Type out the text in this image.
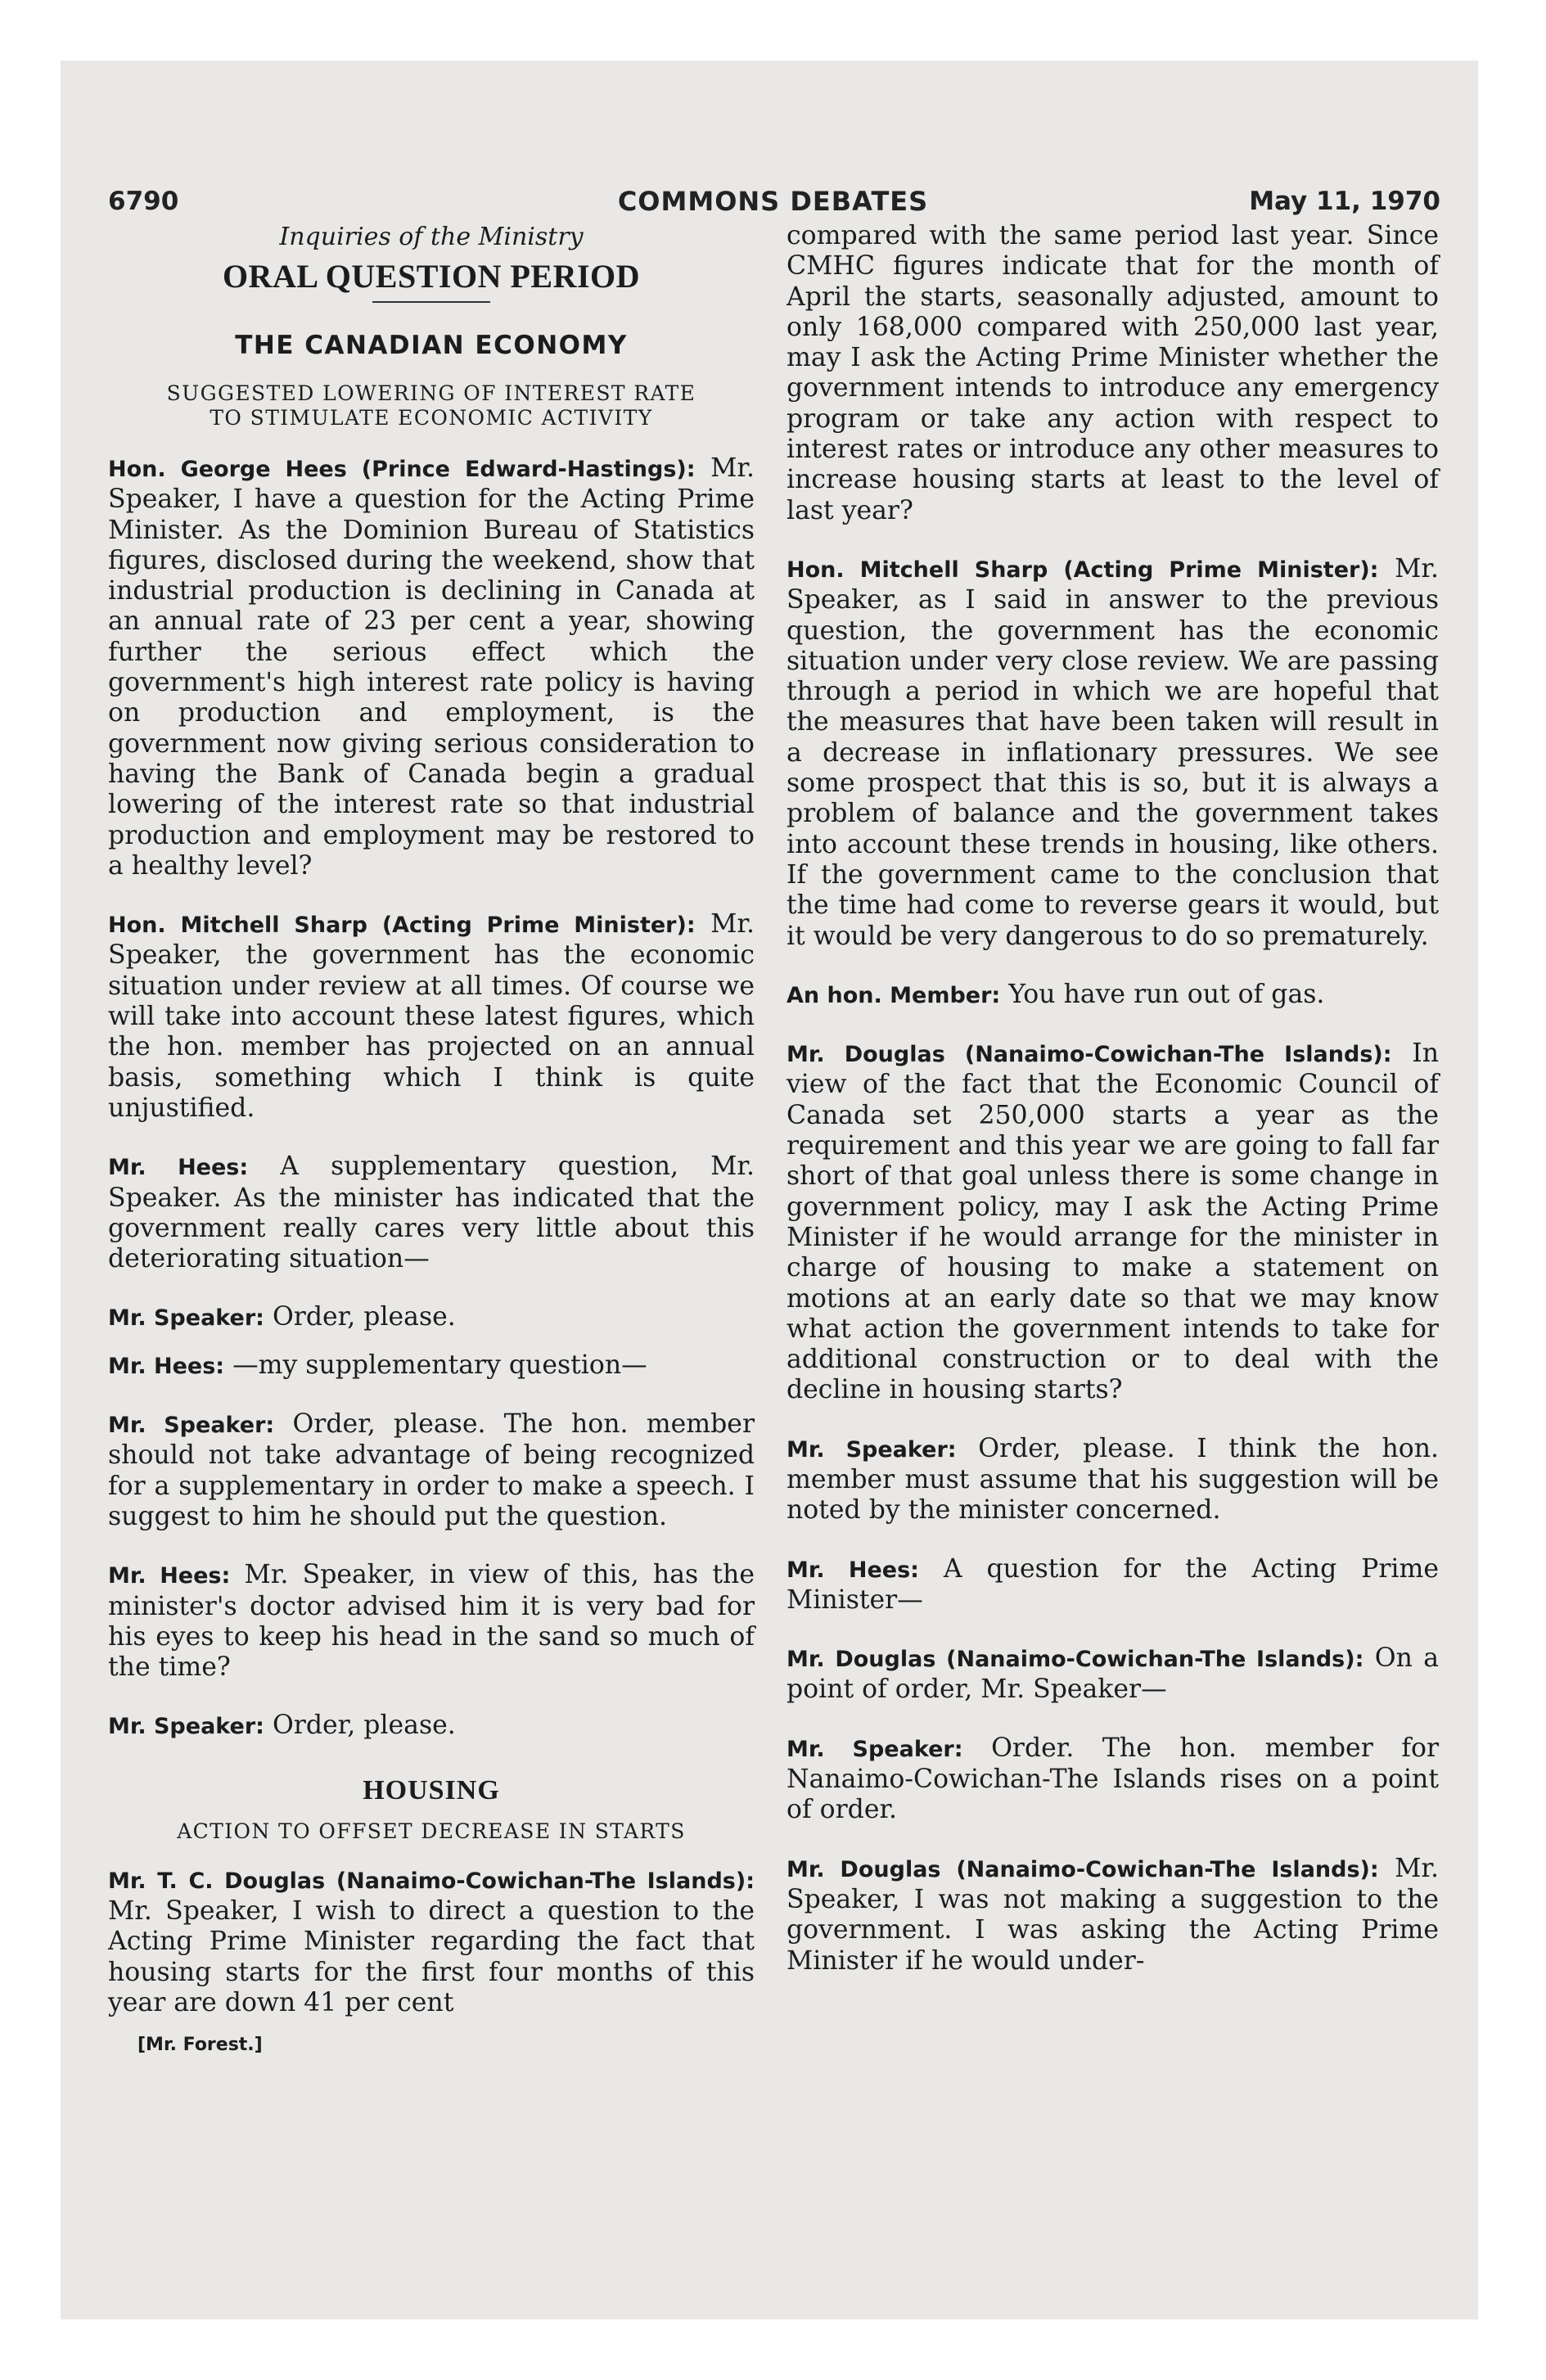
6790	COMMONS DEBATES	May 11, 1970
Inquiries of the Ministry
ORAL QUESTION PERIOD
THE CANADIAN ECONOMY
SUGGESTED LOWERING OF INTEREST RATE
TO STIMULATE ECONOMIC ACTIVITY

Hon. George Hees (Prince Edward-Hastings): Mr. Speaker, I have a question for the Acting Prime Minister. As the Dominion Bureau of Statistics figures, disclosed during the weekend, show that industrial production is declining in Canada at an annual rate of 23 per cent a year, showing further the serious effect which the government's high interest rate policy is having on production and employment, is the government now giving serious consideration to having the Bank of Canada begin a gradual lowering of the interest rate so that industrial production and employment may be restored to a healthy level?

Hon. Mitchell Sharp (Acting Prime Minister): Mr. Speaker, the government has the economic situation under review at all times. Of course we will take into account these latest figures, which the hon. member has projected on an annual basis, something which I think is quite unjustified.

Mr. Hees: A supplementary question, Mr. Speaker. As the minister has indicated that the government really cares very little about this deteriorating situation—

Mr. Speaker: Order, please.

Mr. Hees: —my supplementary question—

Mr. Speaker: Order, please. The hon. member should not take advantage of being recognized for a supplementary in order to make a speech. I suggest to him he should put the question.

Mr. Hees: Mr. Speaker, in view of this, has the minister's doctor advised him it is very bad for his eyes to keep his head in the sand so much of the time?

Mr. Speaker: Order, please.

HOUSING
ACTION TO OFFSET DECREASE IN STARTS

Mr. T. C. Douglas (Nanaimo-Cowichan-The Islands): Mr. Speaker, I wish to direct a question to the Acting Prime Minister regarding the fact that housing starts for the first four months of this year are down 41 per cent

[Mr. Forest.]

compared with the same period last year. Since CMHC figures indicate that for the month of April the starts, seasonally adjusted, amount to only 168,000 compared with 250,000 last year, may I ask the Acting Prime Minister whether the government intends to introduce any emergency program or take any action with respect to interest rates or introduce any other measures to increase housing starts at least to the level of last year?

Hon. Mitchell Sharp (Acting Prime Minister): Mr. Speaker, as I said in answer to the previous question, the government has the economic situation under very close review. We are passing through a period in which we are hopeful that the measures that have been taken will result in a decrease in inflationary pressures. We see some prospect that this is so, but it is always a problem of balance and the government takes into account these trends in housing, like others. If the government came to the conclusion that the time had come to reverse gears it would, but it would be very dangerous to do so prematurely.

An hon. Member: You have run out of gas.

Mr. Douglas (Nanaimo-Cowichan-The Islands): In view of the fact that the Economic Council of Canada set 250,000 starts a year as the requirement and this year we are going to fall far short of that goal unless there is some change in government policy, may I ask the Acting Prime Minister if he would arrange for the minister in charge of housing to make a statement on motions at an early date so that we may know what action the government intends to take for additional construction or to deal with the decline in housing starts?

Mr. Speaker: Order, please. I think the hon. member must assume that his suggestion will be noted by the minister concerned.

Mr. Hees: A question for the Acting Prime Minister—

Mr. Douglas (Nanaimo-Cowichan-The Islands): On a point of order, Mr. Speaker—

Mr. Speaker: Order. The hon. member for Nanaimo-Cowichan-The Islands rises on a point of order.

Mr. Douglas (Nanaimo-Cowichan-The Islands): Mr. Speaker, I was not making a suggestion to the government. I was asking the Acting Prime Minister if he would under-
